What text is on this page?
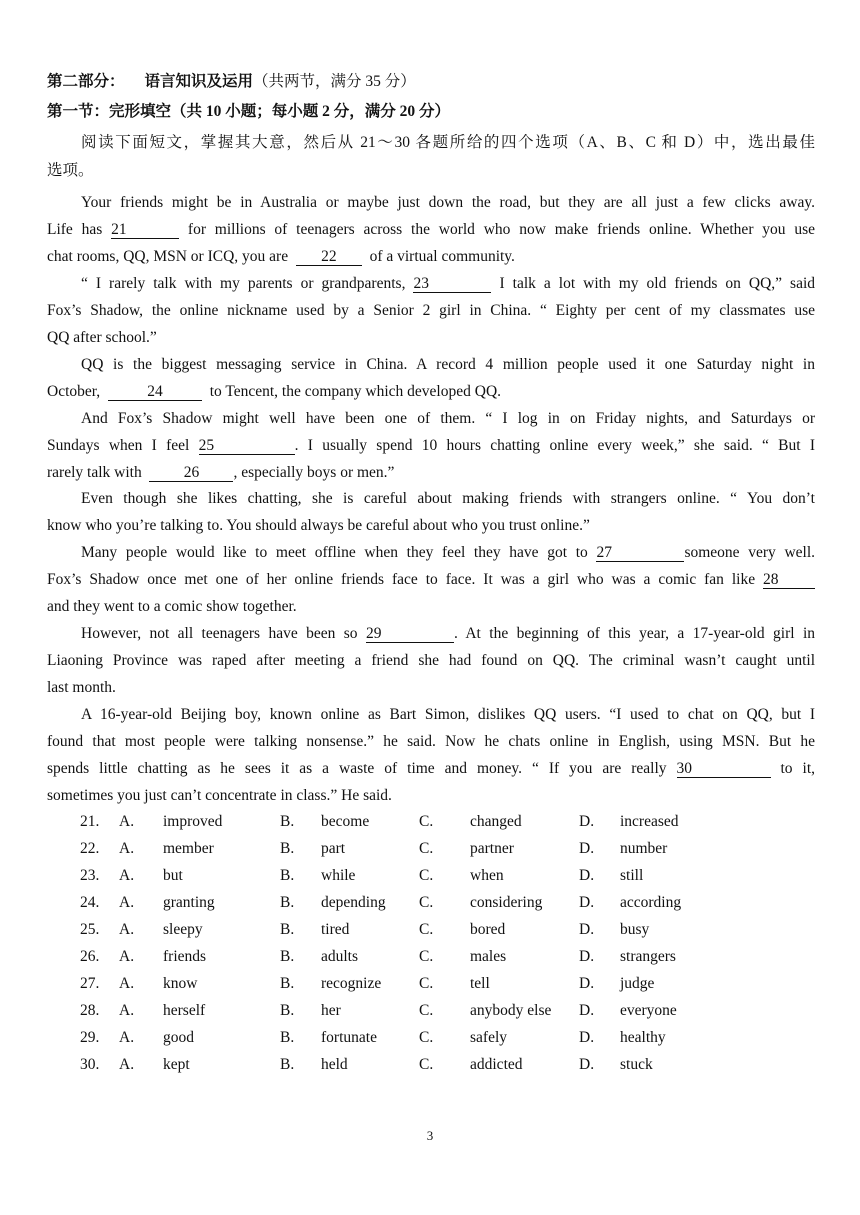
第二部分： 语言知识及运用（共两节，满分 35 分）
第一节：完形填空（共 10 小题；每小题 2 分，满分 20 分）
阅读下面短文，掌握其大意，然后从 21～30 各题所给的四个选项（A、B、C 和 D）中，选出最佳
选项。
Your friends might be in Australia or maybe just down the road, but they are all just a few clicks away.
Life has 21	for millions of teenagers across the world who now make friends online. Whether you use
chat rooms, QQ, MSN or ICQ, you are 22 of a virtual community.
“ I rarely talk with my parents or grandparents, 23	I talk a lot with my old friends on QQ,” said
Fox’s Shadow, the online nickname used by a Senior 2 girl in China. “ Eighty per cent of my classmates use
QQ after school.”
QQ is the biggest messaging service in China. A record 4 million people used it one Saturday night in
October,	24	to Tencent, the company which developed QQ.
And Fox’s Shadow might well have been one of them. “ I log in on Friday nights, and Saturdays or
Sundays when I feel 25	. I usually spend 10 hours chatting online every week,” she said. “ But I
rarely talk with	26 , especially boys or men.”
Even though she likes chatting, she is careful about making friends with strangers online. “ You don’t
know who you’re talking to. You should always be careful about who you trust online.”
Many people would like to meet offline when they feel they have got to 27	someone very well.
Fox’s Shadow once met one of her online friends face to face. It was a girl who was a comic fan like 28
and they went to a comic show together.
However, not all teenagers have been so 29	. At the beginning of this year, a 17-year-old girl in
Liaoning Province was raped after meeting a friend she had found on QQ. The criminal wasn’t caught until
last month.
A 16-year-old Beijing boy, known online as Bart Simon, dislikes QQ users. “I used to chat on QQ, but I
found that most people were talking nonsense.” he said. Now he chats online in English, using MSN. But he
spends little chatting as he sees it as a waste of time and money. “ If you are really 30	to it,
sometimes you just can’t concentrate in class.” He said.
21. A. improved	B. become	C. changed	D. increased
22. A. member	B. part	C. partner	D. number
23. A. but	B. while	C. when	D. still
24. A. granting	B. depending C. considering D. according
25. A. sleepy	B. tired	C. bored	D. busy
26. A. friends	B. adults	C. males	D. strangers
27. A. know	B. recognize C. tell	D. judge
28. A. herself	B. her	C. anybody else D. everyone
29. A. good	B. fortunate	C. safely	D. healthy
30. A. kept	B. held	C. addicted	D. stuck
3
